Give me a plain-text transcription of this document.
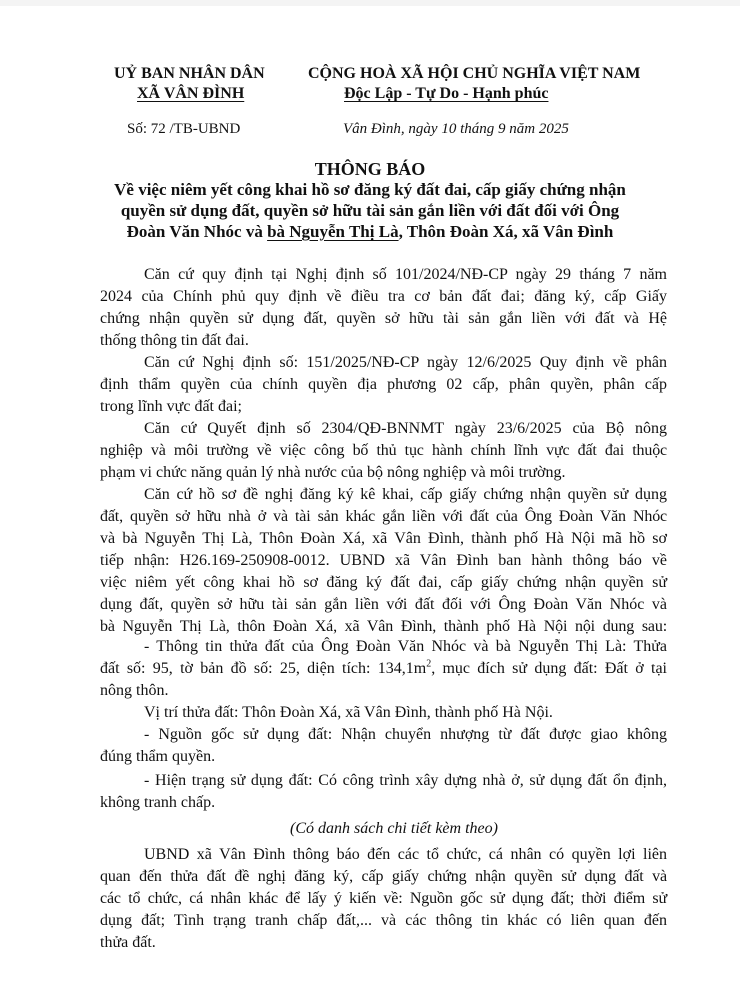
UỶ BAN NHÂN DÂN
XÃ VÂN ĐÌNH
CỘNG HOÀ XÃ HỘI CHỦ NGHĨA VIỆT NAM
Độc Lập - Tự Do - Hạnh phúc
Số: 72 /TB-UBND	Vân Đình, ngày 10 tháng 9 năm 2025
THÔNG BÁO
Về việc niêm yết công khai hồ sơ đăng ký đất đai, cấp giấy chứng nhận
quyền sử dụng đất, quyền sở hữu tài sản gắn liền với đất đối với Ông
Đoàn Văn Nhóc và bà Nguyễn Thị Là, Thôn Đoàn Xá, xã Vân Đình
Căn cứ quy định tại Nghị định số 101/2024/NĐ-CP ngày 29 tháng 7 năm
2024 của Chính phủ quy định về điều tra cơ bản đất đai; đăng ký, cấp Giấy
chứng nhận quyền sử dụng đất, quyền sở hữu tài sản gắn liền với đất và Hệ
thống thông tin đất đai.
Căn cứ Nghị định số: 151/2025/NĐ-CP ngày 12/6/2025 Quy định về phân
định thẩm quyền của chính quyền địa phương 02 cấp, phân quyền, phân cấp
trong lĩnh vực đất đai;
Căn cứ Quyết định số 2304/QĐ-BNNMT ngày 23/6/2025 của Bộ nông
nghiệp và môi trường về việc công bố thủ tục hành chính lĩnh vực đất đai thuộc
phạm vi chức năng quản lý nhà nước của bộ nông nghiệp và môi trường.
Căn cứ hồ sơ đề nghị đăng ký kê khai, cấp giấy chứng nhận quyền sử dụng
đất, quyền sở hữu nhà ở và tài sản khác gắn liền với đất của Ông Đoàn Văn Nhóc
và bà Nguyễn Thị Là, Thôn Đoàn Xá, xã Vân Đình, thành phố Hà Nội mã hồ sơ
tiếp nhận: H26.169-250908-0012. UBND xã Vân Đình ban hành thông báo về
việc niêm yết công khai hồ sơ đăng ký đất đai, cấp giấy chứng nhận quyền sử
dụng đất, quyền sở hữu tài sản gắn liền với đất đối với Ông Đoàn Văn Nhóc và
bà Nguyễn Thị Là, thôn Đoàn Xá, xã Vân Đình, thành phố Hà Nội nội dung sau:
- Thông tin thửa đất của Ông Đoàn Văn Nhóc và bà Nguyễn Thị Là: Thửa
đất số: 95, tờ bản đồ số: 25, diện tích: $134,1m^2$, mục đích sử dụng đất: Đất ở tại
nông thôn.
Vị trí thửa đất: Thôn Đoàn Xá, xã Vân Đình, thành phố Hà Nội.
- Nguồn gốc sử dụng đất: Nhận chuyển nhượng từ đất được giao không
đúng thẩm quyền.
- Hiện trạng sử dụng đất: Có công trình xây dựng nhà ở, sử dụng đất ổn định,
không tranh chấp.
(Có danh sách chi tiết kèm theo)
UBND xã Vân Đình thông báo đến các tổ chức, cá nhân có quyền lợi liên
quan đến thửa đất đề nghị đăng ký, cấp giấy chứng nhận quyền sử dụng đất và
các tổ chức, cá nhân khác để lấy ý kiến về: Nguồn gốc sử dụng đất; thời điểm sử
dụng đất; Tình trạng tranh chấp đất,... và các thông tin khác có liên quan đến
thửa đất.
